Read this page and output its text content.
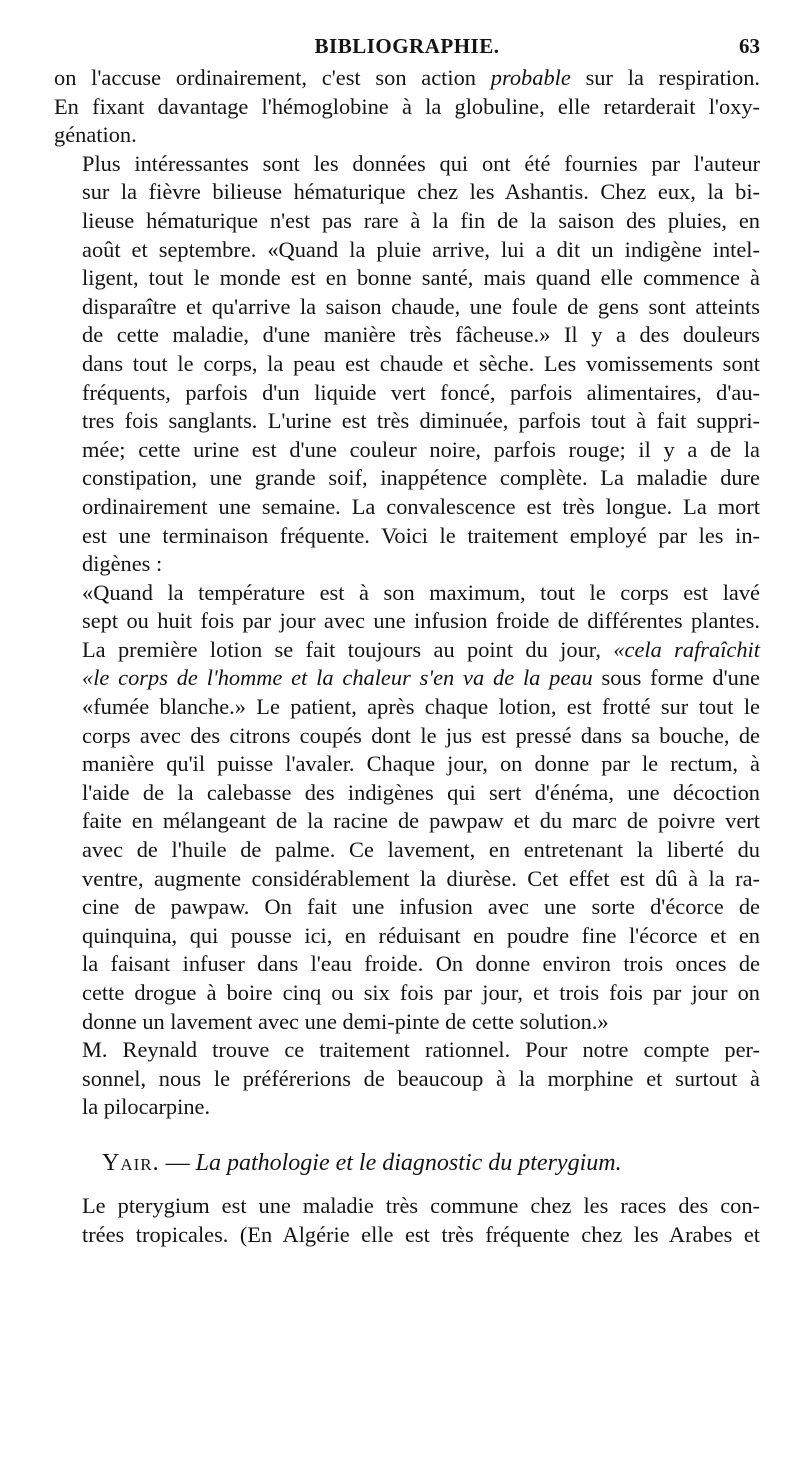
BIBLIOGRAPHIE.	63

on l'accuse ordinairement, c'est son action probable sur la respiration.
En fixant davantage l'hémoglobine à la globuline, elle retarderait l'oxy-
génation.

Plus intéressantes sont les données qui ont été fournies par l'auteur
sur la fièvre bilieuse hématurique chez les Ashantis. Chez eux, la bi-
lieuse hématurique n'est pas rare à la fin de la saison des pluies, en
août et septembre. «Quand la pluie arrive, lui a dit un indigène intel-
ligent, tout le monde est en bonne santé, mais quand elle commence à
disparaître et qu'arrive la saison chaude, une foule de gens sont atteints
de cette maladie, d'une manière très fâcheuse.» Il y a des douleurs
dans tout le corps, la peau est chaude et sèche. Les vomissements sont
fréquents, parfois d'un liquide vert foncé, parfois alimentaires, d'au-
tres fois sanglants. L'urine est très diminuée, parfois tout à fait suppri-
mée; cette urine est d'une couleur noire, parfois rouge; il y a de la
constipation, une grande soif, inappétence complète. La maladie dure
ordinairement une semaine. La convalescence est très longue. La mort
est une terminaison fréquente. Voici le traitement employé par les in-
digènes :

«Quand la température est à son maximum, tout le corps est lavé
sept ou huit fois par jour avec une infusion froide de différentes plantes.
La première lotion se fait toujours au point du jour, «cela rafraîchit
«le corps de l'homme et la chaleur s'en va de la peau sous forme d'une
«fumée blanche.» Le patient, après chaque lotion, est frotté sur tout le
corps avec des citrons coupés dont le jus est pressé dans sa bouche, de
manière qu'il puisse l'avaler. Chaque jour, on donne par le rectum, à
l'aide de la calebasse des indigènes qui sert d'énéma, une décoction
faite en mélangeant de la racine de pawpaw et du marc de poivre vert
avec de l'huile de palme. Ce lavement, en entretenant la liberté du
ventre, augmente considérablement la diurèse. Cet effet est dû à la ra-
cine de pawpaw. On fait une infusion avec une sorte d'écorce de
quinquina, qui pousse ici, en réduisant en poudre fine l'écorce et en
la faisant infuser dans l'eau froide. On donne environ trois onces de
cette drogue à boire cinq ou six fois par jour, et trois fois par jour on
donne un lavement avec une demi-pinte de cette solution.»

M. Reynald trouve ce traitement rationnel. Pour notre compte per-
sonnel, nous le préférerions de beaucoup à la morphine et surtout à
la pilocarpine.

Yair. — La pathologie et le diagnostic du pterygium.

Le pterygium est une maladie très commune chez les races des con-
trées tropicales. (En Algérie elle est très fréquente chez les Arabes et
